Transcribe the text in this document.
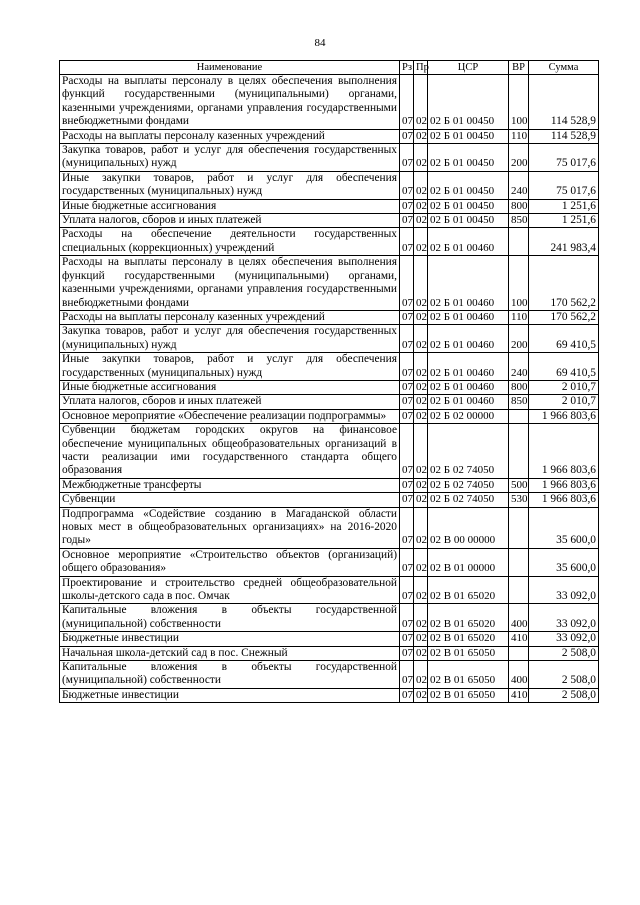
84
Наименование	Рз	Пр	ЦСР	ВР	Сумма
Расходы на выплаты персоналу в целях обеспечения выполнения функций государственными (муниципальными) органами, казенными учреждениями, органами управления государственными внебюджетными фондами	07	02	02 Б 01 00450	100	114 528,9
Расходы на выплаты персоналу казенных учреждений	07	02	02 Б 01 00450	110	114 528,9
Закупка товаров, работ и услуг для обеспечения государственных (муниципальных) нужд	07	02	02 Б 01 00450	200	75 017,6
Иные закупки товаров, работ и услуг для обеспечения государственных (муниципальных) нужд	07	02	02 Б 01 00450	240	75 017,6
Иные бюджетные ассигнования	07	02	02 Б 01 00450	800	1 251,6
Уплата налогов, сборов и иных платежей	07	02	02 Б 01 00450	850	1 251,6
Расходы на обеспечение деятельности государственных специальных (коррекционных) учреждений	07	02	02 Б 01 00460		241 983,4
Расходы на выплаты персоналу в целях обеспечения выполнения функций государственными (муниципальными) органами, казенными учреждениями, органами управления государственными внебюджетными фондами	07	02	02 Б 01 00460	100	170 562,2
Расходы на выплаты персоналу казенных учреждений	07	02	02 Б 01 00460	110	170 562,2
Закупка товаров, работ и услуг для обеспечения государственных (муниципальных) нужд	07	02	02 Б 01 00460	200	69 410,5
Иные закупки товаров, работ и услуг для обеспечения государственных (муниципальных) нужд	07	02	02 Б 01 00460	240	69 410,5
Иные бюджетные ассигнования	07	02	02 Б 01 00460	800	2 010,7
Уплата налогов, сборов и иных платежей	07	02	02 Б 01 00460	850	2 010,7
Основное мероприятие «Обеспечение реализации подпрограммы»	07	02	02 Б 02 00000		1 966 803,6
Субвенции бюджетам городских округов на финансовое обеспечение муниципальных общеобразовательных организаций в части реализации ими государственного стандарта общего образования	07	02	02 Б 02 74050		1 966 803,6
Межбюджетные трансферты	07	02	02 Б 02 74050	500	1 966 803,6
Субвенции	07	02	02 Б 02 74050	530	1 966 803,6
Подпрограмма «Содействие созданию в Магаданской области новых мест в общеобразовательных организациях» на 2016-2020 годы»	07	02	02 В 00 00000		35 600,0
Основное мероприятие «Строительство объектов (организаций) общего образования»	07	02	02 В 01 00000		35 600,0
Проектирование и строительство средней общеобразовательной школы-детского сада в пос. Омчак	07	02	02 В 01 65020		33 092,0
Капитальные вложения в объекты государственной (муниципальной) собственности	07	02	02 В 01 65020	400	33 092,0
Бюджетные инвестиции	07	02	02 В 01 65020	410	33 092,0
Начальная школа-детский сад в пос. Снежный	07	02	02 В 01 65050		2 508,0
Капитальные вложения в объекты государственной (муниципальной) собственности	07	02	02 В 01 65050	400	2 508,0
Бюджетные инвестиции	07	02	02 В 01 65050	410	2 508,0
